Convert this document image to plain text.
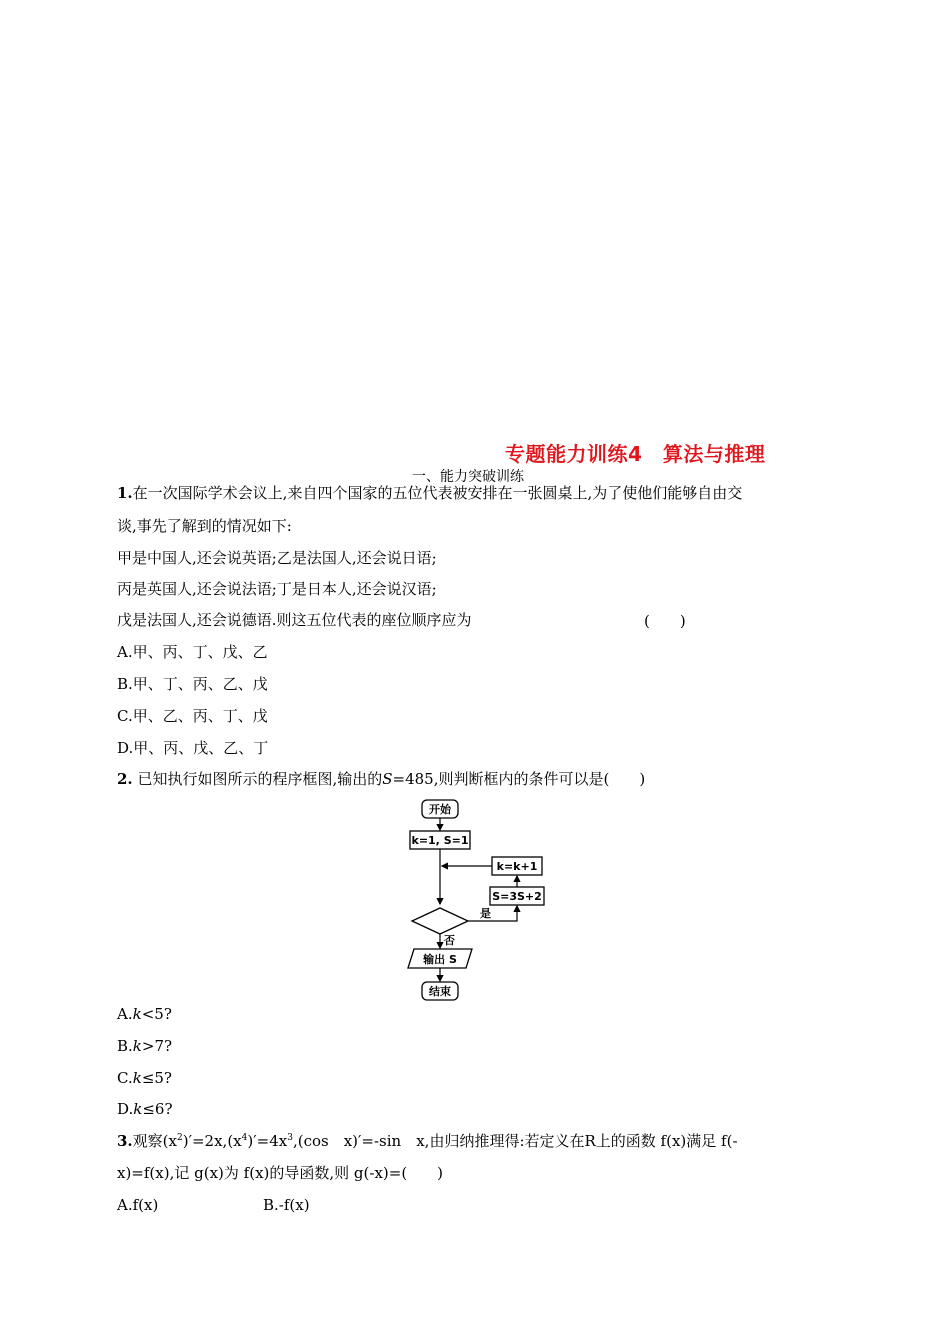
专题能力训练4　算法与推理
一、能力突破训练
1.在一次国际学术会议上,来自四个国家的五位代表被安排在一张圆桌上,为了使他们能够自由交
谈,事先了解到的情况如下:
甲是中国人,还会说英语;乙是法国人,还会说日语;
丙是英国人,还会说法语;丁是日本人,还会说汉语;
戊是法国人,还会说德语.则这五位代表的座位顺序应为	(　　)
A.甲、丙、丁、戊、乙
B.甲、丁、丙、乙、戊
C.甲、乙、丙、丁、戊
D.甲、丙、戊、乙、丁
2. 已知执行如图所示的程序框图,输出的S=485,则判断框内的条件可以是(　　)
开始
k=1, S=1
k=k+1
S=3S+2
是
否
输出 S
结束
A.k<5?
B.k>7?
C.k≤5?
D.k≤6?
3.观察$(x^2)'=2x,(x^4)'=4x^3,(\cos$　x)′=-sin　x,由归纳推理得:若定义在R上的函数 f(x)满足 f(-
x)=f(x),记 g(x)为 f(x)的导函数,则 g(-x)=(　　)
A.f(x)	B.-f(x)
